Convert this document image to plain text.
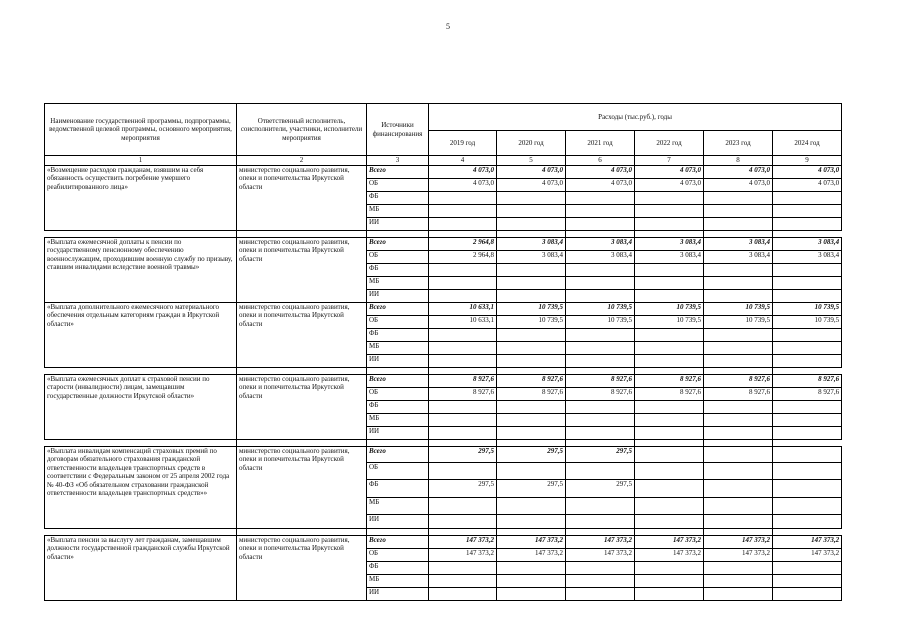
5
Наименование государственной программы, подпрограммы, ведомственной целевой программы, основного мероприятия, мероприятия	Ответственный исполнитель, соисполнители, участники, исполнители мероприятия	Источники финансирования	Расходы (тыс.руб.), годы					
			2019 год	2020 год	2021 год	2022 год	2023 год	2024 год
1	2	3	4	5	6	7	8	9
«Возмещение расходов гражданам, взявшим на себя обязанность осуществить погребение умершего реабилитированного лица»	министерство социального развития, опеки и попечительства Иркутской области	Всего	4 073,0	4 073,0	4 073,0	4 073,0	4 073,0	4 073,0
		ОБ	4 073,0	4 073,0	4 073,0	4 073,0	4 073,0	4 073,0
		ФБ						
		МБ						
		ИИ						

«Выплата ежемесячной доплаты к пенсии по государственному пенсионному обеспечению военнослужащим, проходившим военную службу по призыву, ставшим инвалидами вследствие военной травмы»	министерство социального развития, опеки и попечительства Иркутской области	Всего	2 964,8	3 083,4	3 083,4	3 083,4	3 083,4	3 083,4
		ОБ	2 964,8	3 083,4	3 083,4	3 083,4	3 083,4	3 083,4
		ФБ						
		МБ						
		ИИ						
«Выплата дополнительного ежемесячного материального обеспечения отдельным категориям граждан в Иркутской области»	министерство социального развития, опеки и попечительства Иркутской области	Всего	10 633,1	10 739,5	10 739,5	10 739,5	10 739,5	10 739,5
		ОБ	10 633,1	10 739,5	10 739,5	10 739,5	10 739,5	10 739,5
		ФБ						
		МБ						
		ИИ						

«Выплата ежемесячных доплат к страховой пенсии по старости (инвалидности) лицам, замещавшим государственные должности Иркутской области»	министерство социального развития, опеки и попечительства Иркутской области	Всего	8 927,6	8 927,6	8 927,6	8 927,6	8 927,6	8 927,6
		ОБ	8 927,6	8 927,6	8 927,6	8 927,6	8 927,6	8 927,6
		ФБ						
		МБ						
		ИИ						

«Выплата инвалидам компенсаций страховых премий по договорам обязательного страхования гражданской ответственности владельцев транспортных средств в соответствии с Федеральным законом от 25 апреля 2002 года № 40-ФЗ «Об обязательном страховании гражданской ответственности владельцев транспортных средств»»	министерство социального развития, опеки и попечительства Иркутской области	Всего	297,5	297,5	297,5			
		ОБ						
		ФБ	297,5	297,5	297,5			
		МБ						
		ИИ						

«Выплата пенсии за выслугу лет гражданам, замещавшим должности государственной гражданской службы Иркутской области»	министерство социального развития, опеки и попечительства Иркутской области	Всего	147 373,2	147 373,2	147 373,2	147 373,2	147 373,2	147 373,2
		ОБ	147 373,2	147 373,2	147 373,2	147 373,2	147 373,2	147 373,2
		ФБ						
		МБ						
		ИИ						
